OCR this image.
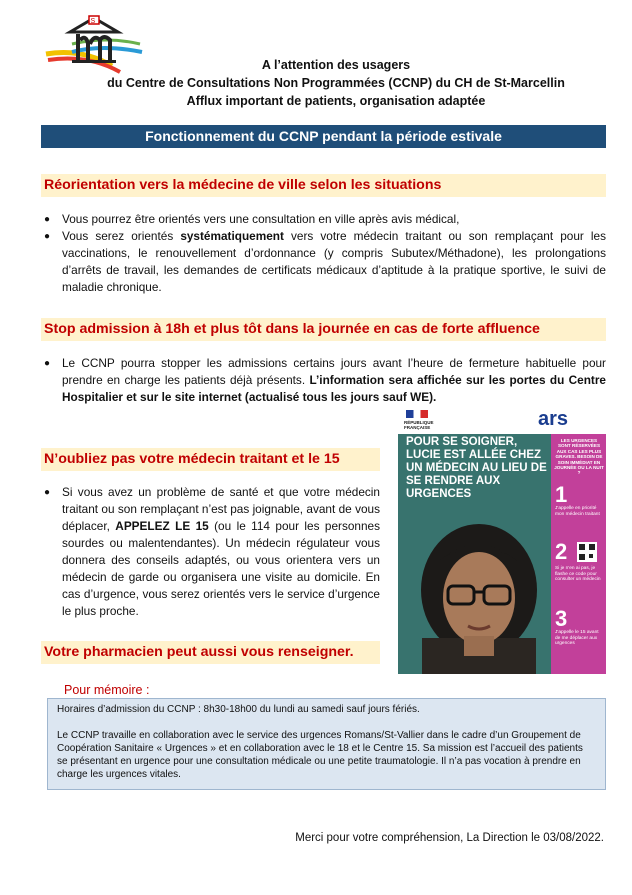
S
A l’attention des usagers
du Centre de Consultations Non Programmées (CCNP) du CH de St-Marcellin
Afflux important de patients, organisation adaptée
Fonctionnement du CCNP pendant la période estivale
Réorientation vers la médecine de ville selon les situations
● Vous pourrez être orientés vers une consultation en ville après avis médical,
● Vous serez orientés systématiquement vers votre médecin traitant ou son remplaçant pour les vaccinations, le renouvellement d’ordonnance (y compris Subutex/Méthadone), les prolongations d’arrêts de travail, les demandes de certificats médicaux d’aptitude à la pratique sportive, le suivi de maladie chronique.
Stop admission à 18h et plus tôt dans la journée en cas de forte affluence
● Le CCNP pourra stopper les admissions certains jours avant l’heure de fermeture habituelle pour prendre en charge les patients déjà présents. L’information sera affichée sur les portes du Centre Hospitalier et sur le site internet (actualisé tous les jours sauf WE).
N’oubliez pas votre médecin traitant et le 15
● Si vous avez un problème de santé et que votre médecin traitant ou son remplaçant n’est pas joignable, avant de vous déplacer, APPELEZ LE 15 (ou le 114 pour les personnes sourdes ou malentendantes). Un médecin régulateur vous donnera des conseils adaptés, ou vous orientera vers un médecin de garde ou organisera une visite au domicile. En cas d’urgence, vous serez orientés vers le service d’urgence le plus proche.
Votre pharmacien peut aussi vous renseigner.
RÉPUBLIQUE FRANÇAISE	ars
LES URGENCES SONT RÉSERVÉES AUX CAS LES PLUS GRAVES. BESOIN DE SOIN IMMÉDIAT EN JOURNÉE OU LA NUIT ?
1
J'appelle en priorité mon médecin traitant
2
Si je n'en ai pas, je flashe ce code pour consulter un médecin
3
J'appelle le 15 avant de me déplacer aux urgences
POUR SE SOIGNER, LUCIE EST ALLÉE CHEZ UN MÉDECIN AU LIEU DE SE RENDRE AUX URGENCES
Pour mémoire :
Horaires d’admission du CCNP : 8h30-18h00 du lundi au samedi sauf jours fériés.
Le CCNP travaille en collaboration avec le service des urgences Romans/St-Vallier dans le cadre d’un Groupement de Coopération Sanitaire « Urgences » et en collaboration avec le 18 et le Centre 15. Sa mission est l’accueil des patients se présentant en urgence pour une consultation médicale ou une petite traumatologie. Il n’a pas vocation à prendre en charge les urgences vitales.
Merci pour votre compréhension, La Direction le 03/08/2022.
